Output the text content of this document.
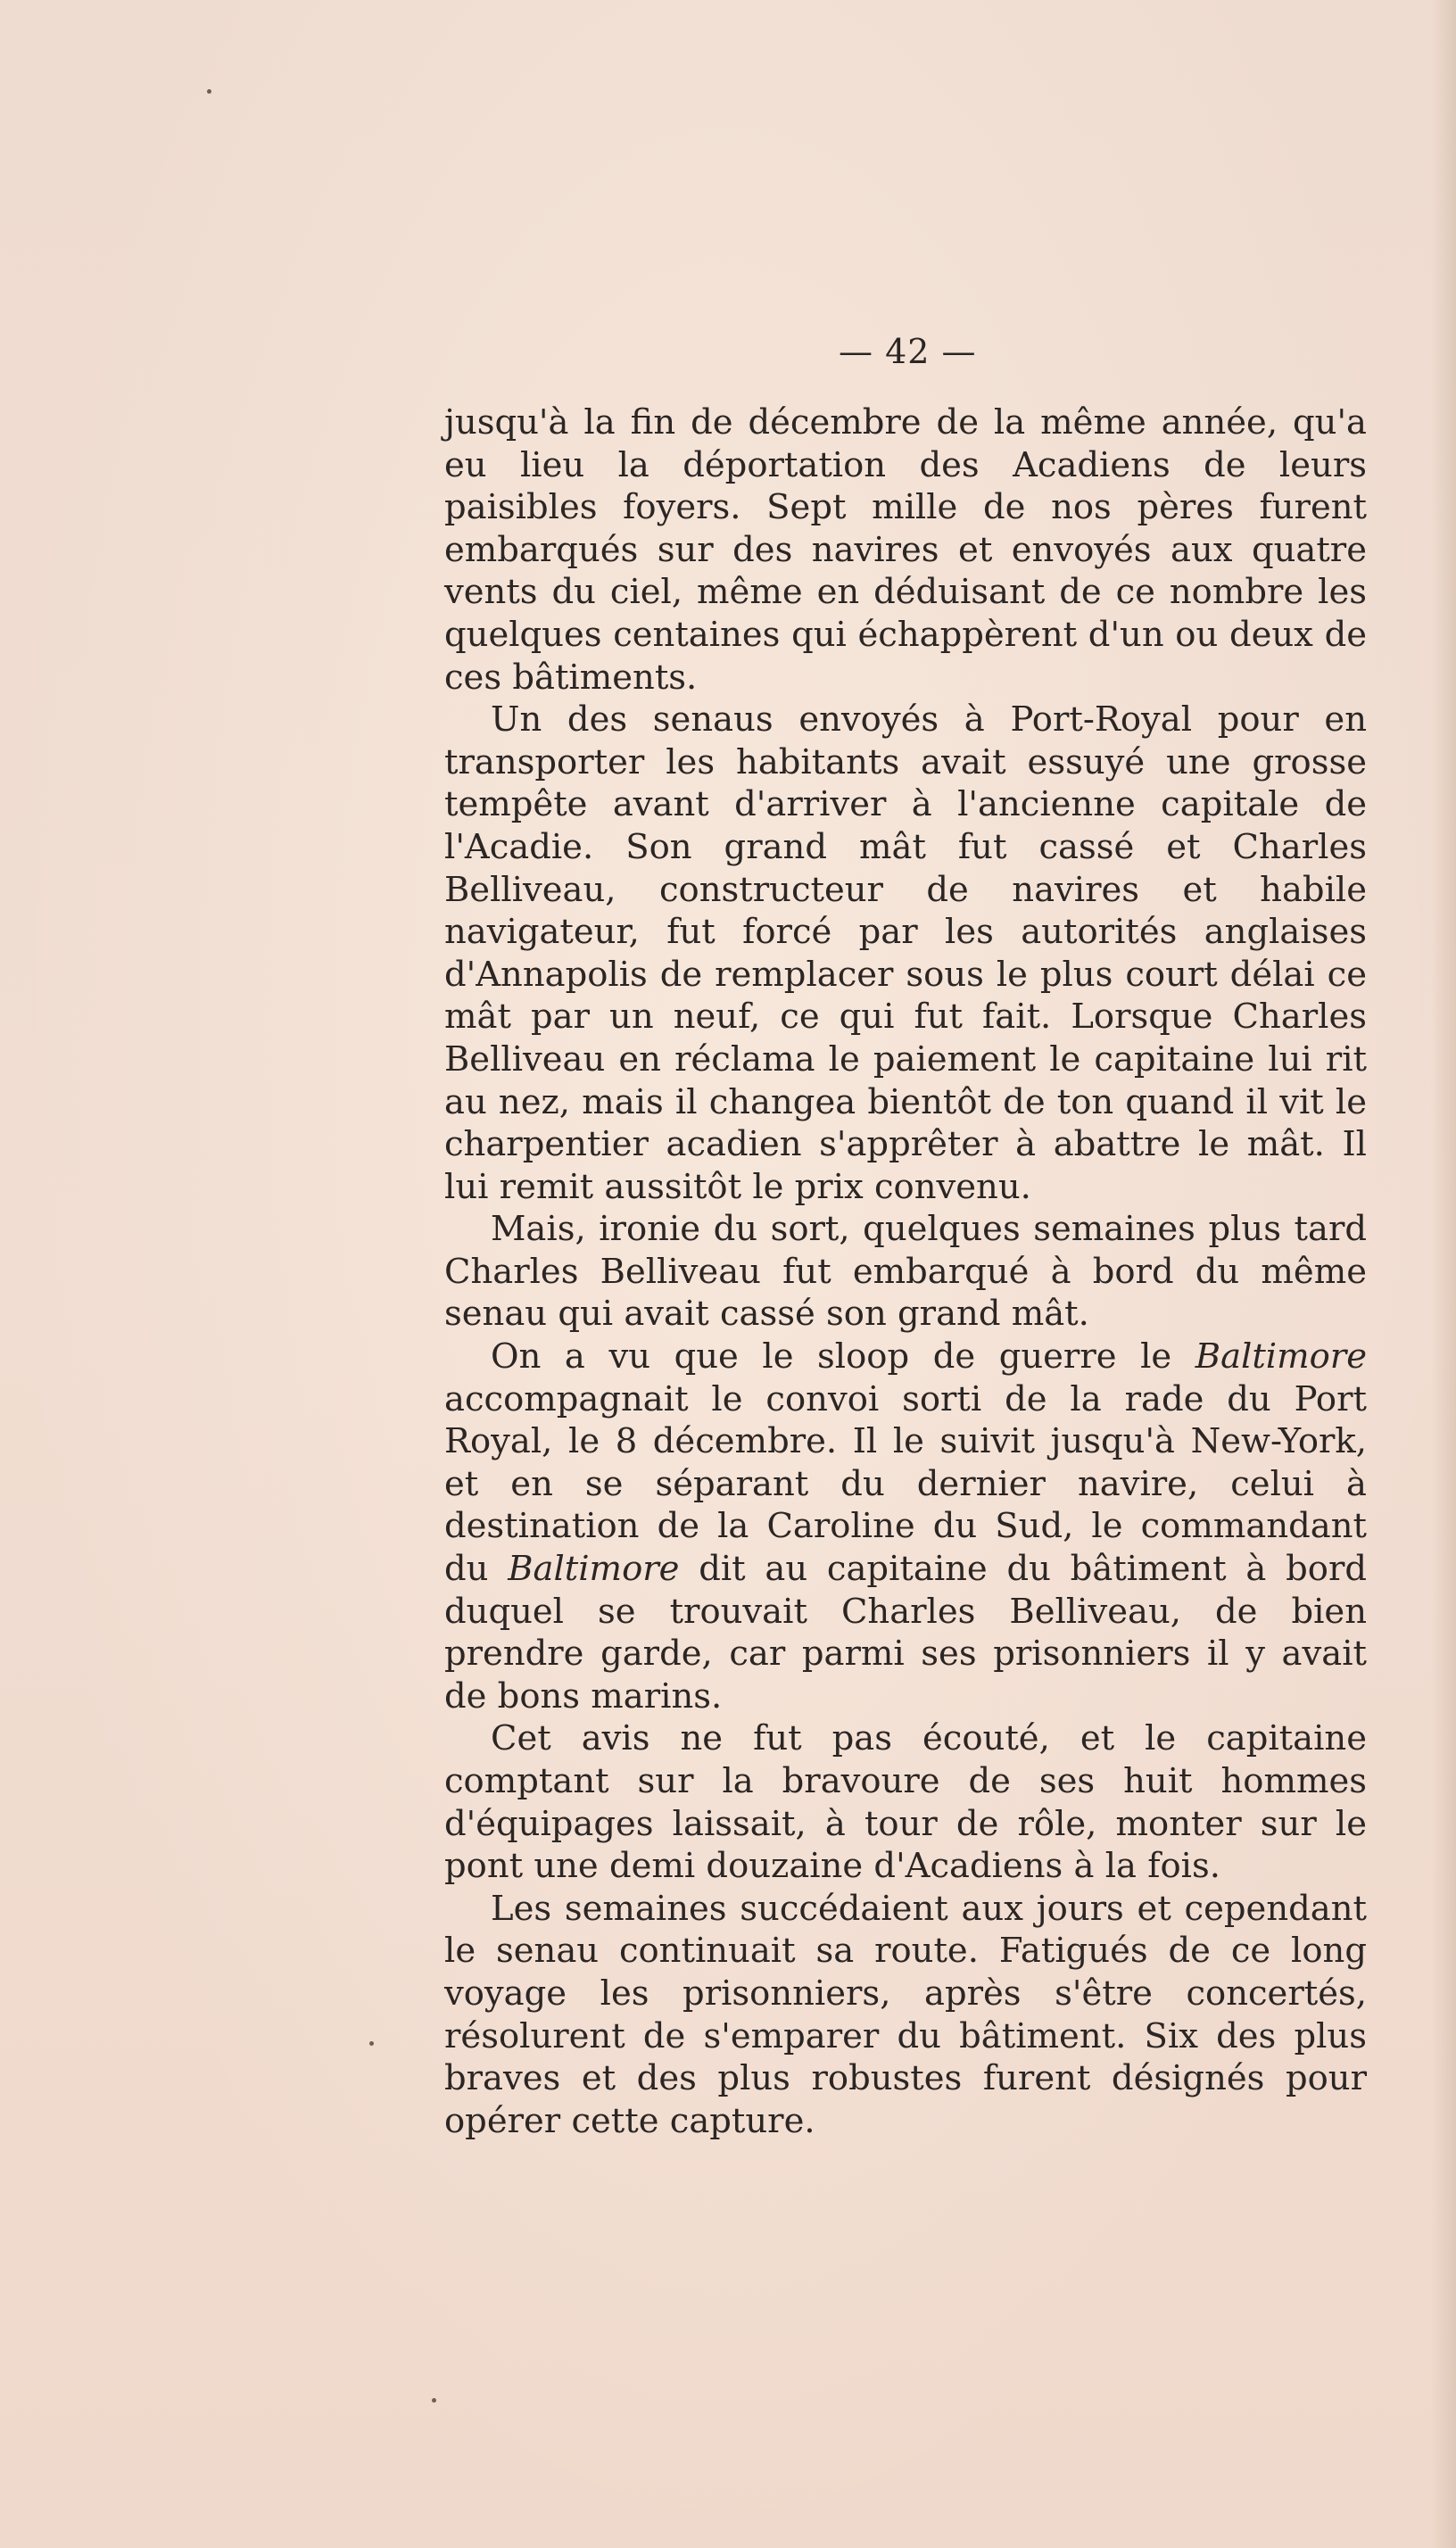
— 42 —

jusqu'à la fin de décembre de la même année, qu'a eu lieu la déportation des Acadiens de leurs paisibles foyers. Sept mille de nos pères furent embarqués sur des navires et envoyés aux quatre vents du ciel, même en déduisant de ce nombre les quelques centaines qui échappèrent d'un ou deux de ces bâtiments.

Un des senaus envoyés à Port-Royal pour en transporter les habitants avait essuyé une grosse tempête avant d'arriver à l'ancienne capitale de l'Acadie. Son grand mât fut cassé et Charles Belliveau, constructeur de navires et habile navigateur, fut forcé par les autorités anglaises d'Annapolis de remplacer sous le plus court délai ce mât par un neuf, ce qui fut fait. Lorsque Charles Belliveau en réclama le paiement le capitaine lui rit au nez, mais il changea bientôt de ton quand il vit le charpentier acadien s'apprêter à abattre le mât. Il lui remit aussitôt le prix convenu.

Mais, ironie du sort, quelques semaines plus tard Charles Belliveau fut embarqué à bord du même senau qui avait cassé son grand mât.

On a vu que le sloop de guerre le Baltimore accompagnait le convoi sorti de la rade du Port Royal, le 8 décembre. Il le suivit jusqu'à New-York, et en se séparant du dernier navire, celui à destination de la Caroline du Sud, le commandant du Baltimore dit au capitaine du bâtiment à bord duquel se trouvait Charles Belliveau, de bien prendre garde, car parmi ses prisonniers il y avait de bons marins.

Cet avis ne fut pas écouté, et le capitaine comptant sur la bravoure de ses huit hommes d'équipages laissait, à tour de rôle, monter sur le pont une demi douzaine d'Acadiens à la fois.

Les semaines succédaient aux jours et cependant le senau continuait sa route. Fatigués de ce long voyage les prisonniers, après s'être concertés, résolurent de s'emparer du bâtiment. Six des plus braves et des plus robustes furent désignés pour opérer cette capture.
